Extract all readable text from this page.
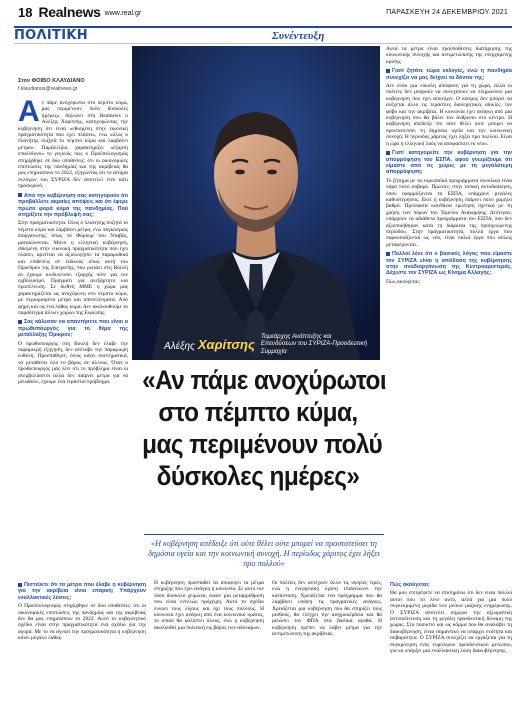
18 Realnews www.real.gr	ΠΑΡΑΣΚΕΥΗ 24 ΔΕΚΕΜΒΡΙΟΥ 2021
ΠΟΛΙΤΙΚΗ	Συνέντευξη
Στον ΦΟΙΒΟ ΚΛΑΥΔΙΑΝΟ
f.klavdianos@realnews.gr

Αν πάμε ανοχύρωτοι στο πέμπτο κύμα, μας περιμένουν πολύ δύσκολες ημέρες», δηλώνει στη Realnews ο Αλέξης Χαρίτσης, κατηγορώντας την κυβέρνηση ότι είναι «εθισμένη στην εικονική πραγματικότητα που έχει πλάσει», ενώ «όλος ο πλανήτης συζητά το πέμπτο κύμα και λαμβάνει μέτρα». Παράλληλα, χαρακτηρίζει «έξαρτη επικίνδυνο» το γεγονός πως ο Προϋπολογισμός στηρίχθηκε σε δύο υποθέσεις: ότι οι οικονομικές επιπτώσεις της πανδημίας και της ακρίβειας θα μας επηρεάσουν το 2022, εξηγώντας ότι το αίτημα εκλογών του ΣΥΡΙΖΑ δεν αποτελεί έτσι κάτι προσωρινό.

Από την κυβέρνηση σας κατηγορούν ότι προβάλλετε ακραίες απόψεις και ότι έφερε πρώτο φορά κύμα της πανδημίας. Πού στηρίζετε την πρόβλεψή σας;

Στην πραγματικότητα. Όλος ο πλανήτης συζητά το πέμπτο κύμα και λαμβάνει μέτρα, ενώ παγκόσμιος διοργανωτής, όπως το Φόρουμ του Νταβός, ματαιώνονται. Μόνο η ελληνική κυβέρνηση, εθισμένη στην εικονική πραγματικότητα που έχει πλάσει, αρνείται να αξιολογήσει τα παραμυθικά και επιθέσεις σε ειδικούς όπως αυτή του Προέδρου της Επιτροπής, που ρωτάει στη Βουλή αν έχουμε κινδυνεύσει εξαρχής πότε για τον εμβολιασμό. Πράγματι για ανεξάρτητο και προσέλευση. Σε διεθνή ΜΜΕ η χώρα μας χαρακτηρίζεται ως ανοχύρωτη στο πέμπτο κύμα, με περιορισμένα μέτρα και αποτελέσματα. Από φήμη και ως ένα λάθος κύμα. Δεν ακολουθούμε το παράδειγμα άλλων χωρών της Ευρώπης.

Σας κάλεσαν να απαντήσετε που είναι ο πρωθυπουργός για το θέμα της μετάλλαξης Όμικρον;

Ο πρωθυπουργός στη Βουλή δεν έλαβε την παραμικρή εξήγηση, δεν ανέλαβε την παραμικρή ευθύνη. Προσπάθησε, όπως κάνει συστηματικά, να μεταθέσει όλο το βάρος σε άλλους. Όταν ο πρωθυπουργός μάς λέει ότι το πρόβλημα είναι οι ανεμβολίαστοι αλλά δεν παίρνει μέτρα για να μειωθούν, έχουμε ένα τεράστιο πρόβλημα.

Αλέξης Χαρίτσης
Τομεάρχης Ανάπτυξης και
Επενδύσεων του ΣΥΡΙΖΑ-Προοδευτική Συμμαχία

Αυτά τα μέτρα είναι προϋποθέσεις διατήρησης της κοινωνικής συνοχής και αντιμετώπισης της επερχόμενης κρίσης.

Γιατί ζητάτε τώρα εκλογές, ενώ η πανδημία συνεχίζει να μας δείχνει τα δόντια της;

Δεν είναι μια εύκολη απόφαση για τη χώρα, αλλά οι πολίτες δεν μπορούν να συνεχίσουν να πληρώνουν μια κυβέρνηση που έχει αποτύχει. Ο κόσμος δεν μπορεί να ανέχεται άλλο τις τεράστιες διανεμητικές αδικίες, τον φόβο και την ακρίβεια. Η κοινωνία έχει ανάγκη από μια κυβέρνηση που θα βάλει τον άνθρωπο στο κέντρο. Η κυβέρνηση απέδειξε ότι ούτε θέλει ούτε μπορεί να προστατεύσει τη δημόσια υγεία και την κοινωνική συνοχή. Η περίοδος χάριτος έχει λήξει προ πολλού. Είναι η ώρα η ελληνική λαός να αποφασίσει εκ νέου.

Γιατί κατηγορείτε την κυβέρνηση για την απορρόφηση του ΕΣΠΑ, αφού γνωρίζουμε ότι είμαστε από τις χώρες με τη μεγαλύτερη απορρόφηση;

Το ζήτημα με τα ευρωπαϊκά προγράμματα συνολικά είναι πάρα πολύ σοβαρό. Πρώτον, στην τοπική αυτοδιοίκηση, όπου εφαρμόζονται τα ΕΣΠΑ, υπάρχουν μεγάλες καθυστερήσεις. Εκεί η κυβέρνηση παίρνει πολύ χαμηλό βαθμό. Πρόσφατα κατέθεσα ερώτηση σχετικά με τη χρήση των πόρων του Ταμείου Ανάκαμψης. Δεύτερον, υπάρχουν τα αδιάθετα προγράμματα του ΕΣΠΑ, που δεν αξιοποιήθηκαν κατά τη διάρκεια της προηγούμενης περιόδου. Στην πραγματικότητα, πολλά έργα που παρουσιάζονται ως νέα, είναι παλιά έργα που απλώς μεταφέρονται.

Πολλοί λένε ότι ο βασικός λόγος που είμαστε τον ΣΥΡΙΖΑ είναι η απόδοση της κυβέρνησης στην αναδιοργάνωση της Κεντροαριστεράς. Δέχεστε τον ΣΥΡΙΖΑ ως Κίνημα Αλλαγής;

Πώς ακούγεται;

«Αν πάμε ανοχύρωτοι
στο πέμπτο κύμα,
μας περιμένουν πολύ
δύσκολες ημέρες»
«Η κυβέρνηση απέδειξε ότι ούτε θέλει ούτε μπορεί να προστατεύσει τη δημόσια υγεία και την κοινωνική συνοχή. Η περίοδος χάριτος έχει λήξει προ πολλού»

Πιστεύετε ότι τα μέτρα που έλαβε η κυβέρνηση για την ακρίβεια είναι επαρκή; Υπάρχουν εναλλακτικές λύσεις;

Ο Προϋπολογισμός στηρίχθηκε σε δύο υποθέσεις: ότι οι οικονομικές επιπτώσεις της πανδημίας και της ακρίβειας δεν θα μας επηρεάσουν το 2022. Αυτό το κυβερνητικό σχέδιο είναι στην πραγματικότητα ένα σχέδιο για την αγορά. Με το να αγνοεί την πραγματικότητα η κυβέρνηση κάνει μεγάλο λάθος.

Η κυβέρνηση προσπαθεί να αποφύγει τα μέτρα στήριξης που έχει ανάγκη η κοινωνία. Σε αυτό τον τόσο δύσκολο χειμώνα, έκανε μια μεταρρύθμιση που είναι εντελώς πρόχειρη. Αυτό το σχέδιο ευνοεί τους λίγους και όχι τους πολλούς. Η κοινωνία έχει ανάγκη από ένα κοινωνικό κράτος, το οποίο θα καλύπτει όλους, ενώ η κυβέρνηση ακολουθεί μια πολιτική εις βάρος των αδύναμων.

Οι πολίτες δεν αντέχουν άλλο τις υψηλές τιμές, ενώ η ενεργειακή κρίση επιδεινώνει την κατάσταση. Χρειάζεται ένα πρόγραμμα που θα λαμβάνει υπόψη τις πραγματικές ανάγκες. Χρειάζεται μια κυβέρνηση που θα στηρίζει τους μισθούς, θα ελέγχει την αισχροκέρδεια και θα μειώσει τον ΦΠΑ στα βασικά αγαθά. Η κυβέρνηση πρέπει να λάβει μέτρα για την αντιμετώπιση της ακρίβειας.

Πώς ακούγεται;

Θα μου επιτρέψετε να επισημάνω ότι δεν είναι πολλοί αυτοί που το λένε αυτό, αλλά για μια πολύ συγκεκριμένη μερίδα των μέσων μαζικής ενημέρωσης. Ο ΣΥΡΙΖΑ αποτελεί σήμερα την αξιωματική αντιπολίτευση και τη μεγάλη προοδευτική δύναμη της χώρας. Στο ποσοστό και ως κόμμα που θα αναλάβει τη διακυβέρνηση, είναι σημαντικό να υπάρχει ενότητα και σοβαρότητα. Ο ΣΥΡΙΖΑ συνεχίζει να εργάζεται για τη συγκρότηση ενός ευρύτερου προοδευτικού μετώπου, για να υπάρξει μια εναλλακτική λύση διακυβέρνησης.
